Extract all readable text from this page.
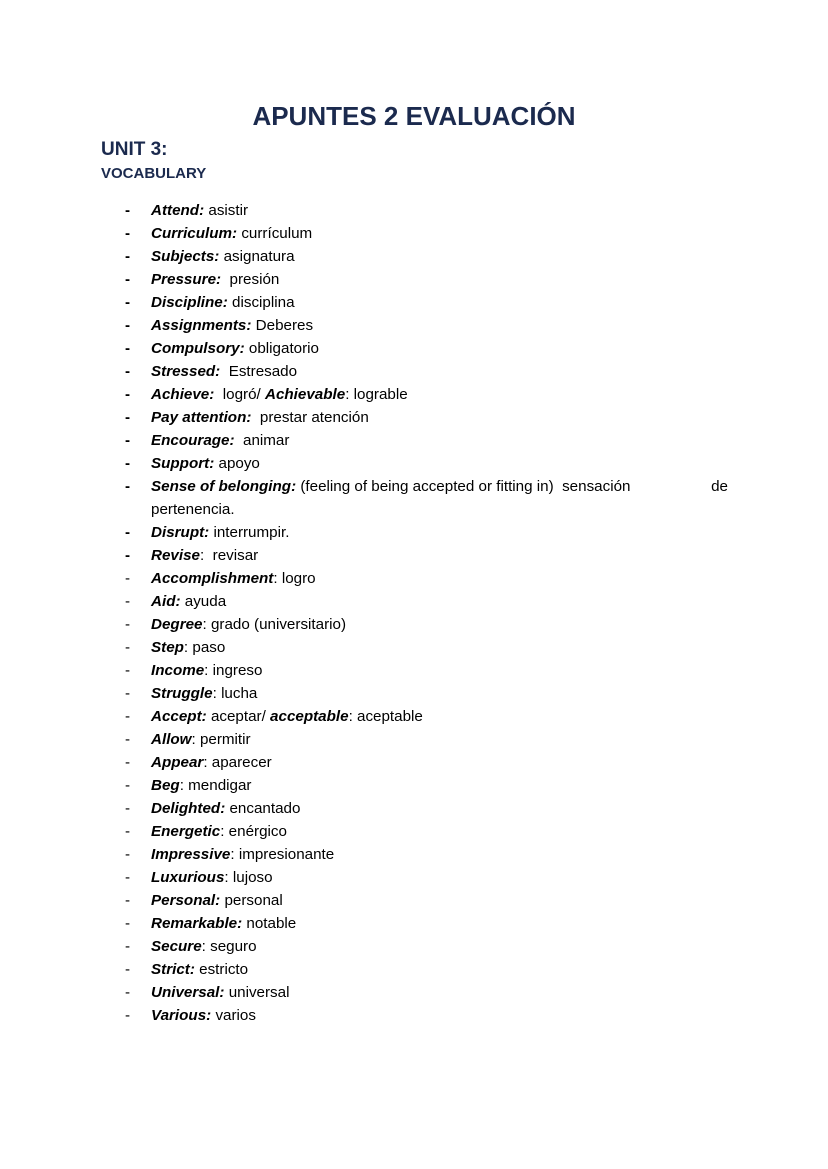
APUNTES 2 EVALUACIÓN
UNIT 3:
VOCABULARY
- Attend: asistir
- Curriculum: currículum
- Subjects: asignatura
- Pressure: presión
- Discipline: disciplina
- Assignments: Deberes
- Compulsory: obligatorio
- Stressed: Estresado
- Achieve: logró/ Achievable: lograble
- Pay attention: prestar atención
- Encourage: animar
- Support: apoyo
- Sense of belonging: (feeling of being accepted or fitting in)  sensación	de
pertenencia.
- Disrupt: interrumpir.
- Revise:  revisar
- Accomplishment: logro
- Aid: ayuda
- Degree: grado (universitario)
- Step: paso
- Income: ingreso
- Struggle: lucha
- Accept: aceptar/ acceptable: aceptable
- Allow: permitir
- Appear: aparecer
- Beg: mendigar
- Delighted: encantado
- Energetic: enérgico
- Impressive: impresionante
- Luxurious: lujoso
- Personal: personal
- Remarkable: notable
- Secure: seguro
- Strict: estricto
- Universal: universal
- Various: varios
